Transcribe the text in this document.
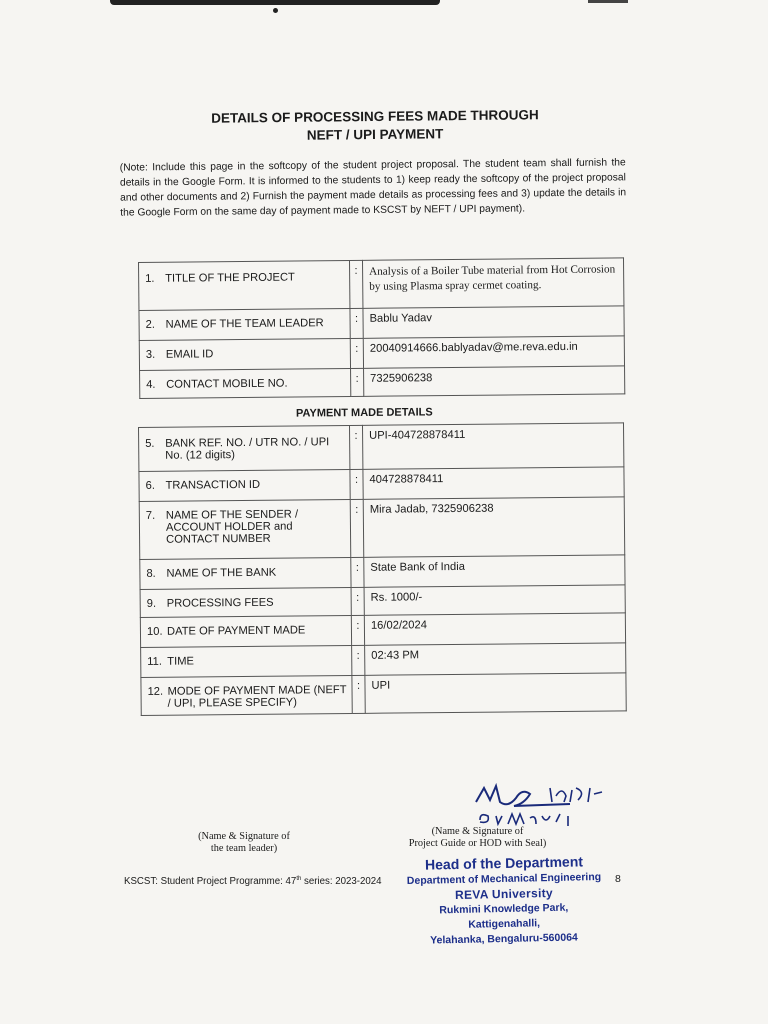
DETAILS OF PROCESSING FEES MADE THROUGH
NEFT / UPI PAYMENT
(Note: Include this page in the softcopy of the student project proposal. The student team shall furnish the details in the Google Form. It is informed to the students to 1) keep ready the softcopy of the project proposal and other documents and 2) Furnish the payment made details as processing fees and 3) update the details in the Google Form on the same day of payment made to KSCST by NEFT / UPI payment).
1. TITLE OF THE PROJECT	:	Analysis of a Boiler Tube material from Hot Corrosion by using Plasma spray cermet coating.

2. NAME OF THE TEAM LEADER	:	Bablu Yadav

3. EMAIL ID	:	20040914666.bablyadav@me.reva.edu.in

4. CONTACT MOBILE NO.	:	7325906238
PAYMENT MADE DETAILS
5. BANK REF. NO. / UTR NO. / UPI No. (12 digits)	:	UPI-404728878411

6. TRANSACTION ID	:	404728878411

7. NAME OF THE SENDER / ACCOUNT HOLDER and CONTACT NUMBER	:	Mira Jadab, 7325906238

8. NAME OF THE BANK	:	State Bank of India

9. PROCESSING FEES	:	Rs. 1000/-

10. DATE OF PAYMENT MADE	:	16/02/2024

11. TIME	:	02:43 PM

12. MODE OF PAYMENT MADE (NEFT / UPI, PLEASE SPECIFY)	:	UPI
(Name & Signature of
the team leader)
(Name & Signature of
Project Guide or HOD with Seal)
KSCST: Student Project Programme: 47th series: 2023-2024	8
Head of the Department
Department of Mechanical Engineering
REVA University
Rukmini Knowledge Park, Kattigenahalli,
Yelahanka, Bengaluru-560064
